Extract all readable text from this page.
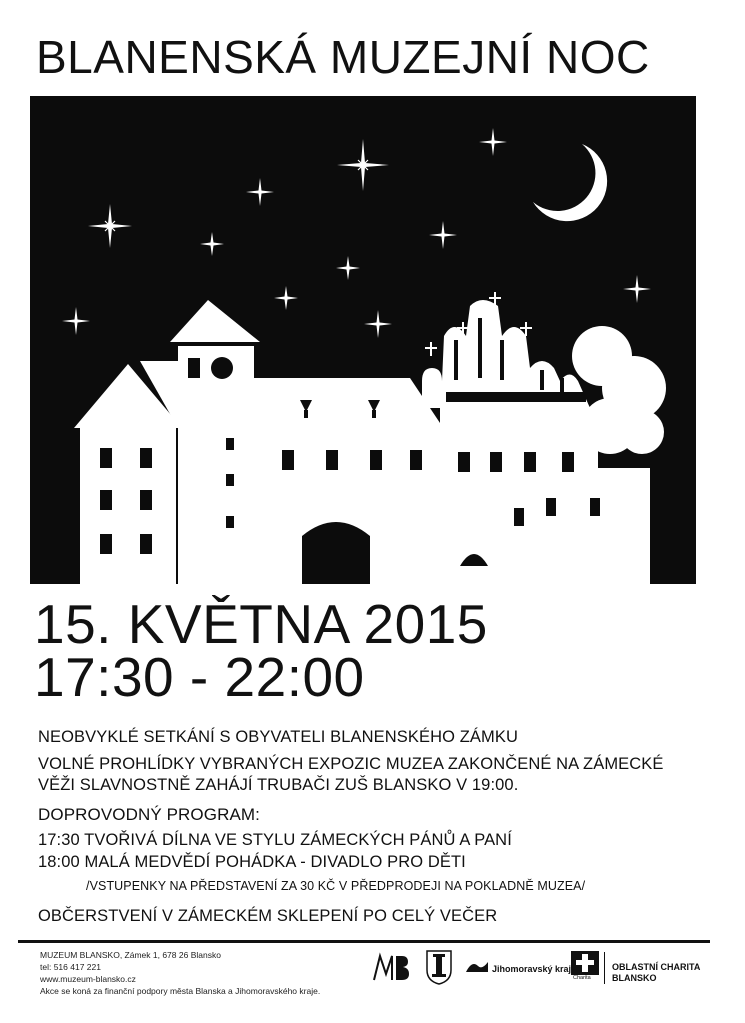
BLANENSKÁ MUZEJNÍ NOC
15. KVĚTNA 2015
17:30 - 22:00
NEOBVYKLÉ SETKÁNÍ S OBYVATELI BLANENSKÉHO ZÁMKU
VOLNÉ PROHLÍDKY VYBRANÝCH EXPOZIC MUZEA ZAKONČENÉ NA ZÁMECKÉ
VĚŽI SLAVNOSTNĚ ZAHÁJÍ TRUBAČI ZUŠ BLANSKO V 19:00.
DOPROVODNÝ PROGRAM:
17:30 TVOŘIVÁ DÍLNA VE STYLU ZÁMECKÝCH PÁNŮ A PANÍ
18:00 MALÁ MEDVĚDÍ POHÁDKA - DIVADLO PRO DĚTI
/VSTUPENKY NA PŘEDSTAVENÍ ZA 30 KČ V PŘEDPRODEJI NA POKLADNĚ MUZEA/
OBČERSTVENÍ V ZÁMECKÉM SKLEPENÍ PO CELÝ VEČER
MUZEUM BLANSKO, Zámek 1, 678 26 Blansko
tel: 516 417 221
www.muzeum-blansko.cz
Akce se koná za finanční podpory města Blanska a Jihomoravského kraje.
Jihomoravský kraj
Charita
OBLASTNÍ CHARITA
BLANSKO
